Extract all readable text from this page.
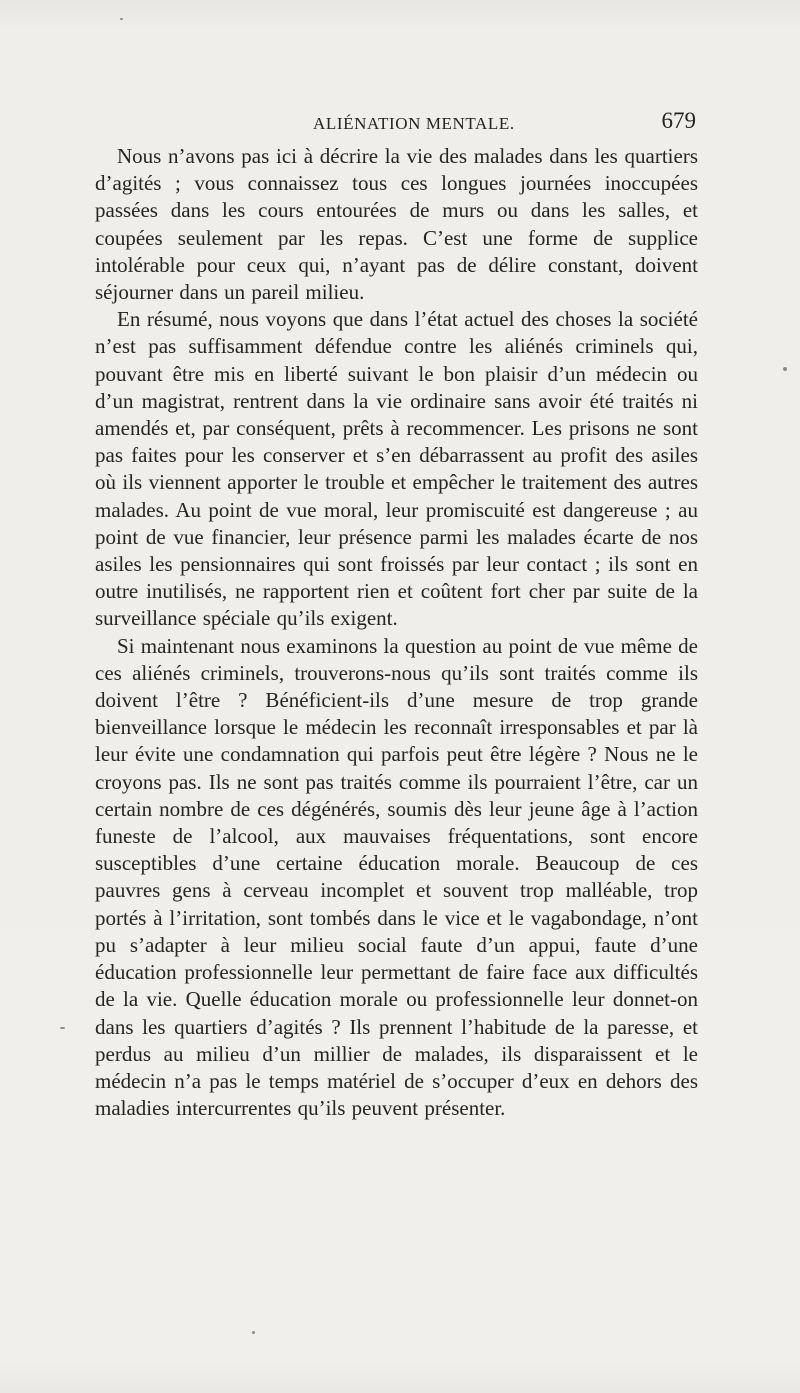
ALIÉNATION MENTALE.	679

Nous n’avons pas ici à décrire la vie des malades dans les quartiers d’agités ; vous connaissez tous ces longues journées inoccupées passées dans les cours entourées de murs ou dans les salles, et coupées seulement par les repas. C’est une forme de supplice intolérable pour ceux qui, n’ayant pas de délire constant, doivent séjourner dans un pareil milieu.

En résumé, nous voyons que dans l’état actuel des choses la société n’est pas suffisamment défendue contre les aliénés criminels qui, pouvant être mis en liberté suivant le bon plaisir d’un médecin ou d’un magistrat, rentrent dans la vie ordinaire sans avoir été traités ni amendés et, par conséquent, prêts à recommencer. Les prisons ne sont pas faites pour les conserver et s’en débarrassent au profit des asiles où ils viennent apporter le trouble et empêcher le traitement des autres malades. Au point de vue moral, leur promiscuité est dangereuse ; au point de vue financier, leur présence parmi les malades écarte de nos asiles les pensionnaires qui sont froissés par leur contact ; ils sont en outre inutilisés, ne rapportent rien et coûtent fort cher par suite de la surveillance spéciale qu’ils exigent.

Si maintenant nous examinons la question au point de vue même de ces aliénés criminels, trouverons-nous qu’ils sont traités comme ils doivent l’être ? Bénéficient-ils d’une mesure de trop grande bienveillance lorsque le médecin les reconnaît irresponsables et par là leur évite une condamnation qui parfois peut être légère ? Nous ne le croyons pas. Ils ne sont pas traités comme ils pourraient l’être, car un certain nombre de ces dégénérés, soumis dès leur jeune âge à l’action funeste de l’alcool, aux mauvaises fréquentations, sont encore susceptibles d’une certaine éducation morale. Beaucoup de ces pauvres gens à cerveau incomplet et souvent trop malléable, trop portés à l’irritation, sont tombés dans le vice et le vagabondage, n’ont pu s’adapter à leur milieu social faute d’un appui, faute d’une éducation professionnelle leur permettant de faire face aux difficultés de la vie. Quelle éducation morale ou professionnelle leur donnet-on dans les quartiers d’agités ? Ils prennent l’habitude de la paresse, et perdus au milieu d’un millier de malades, ils disparaissent et le médecin n’a pas le temps matériel de s’occuper d’eux en dehors des maladies intercurrentes qu’ils peuvent présenter.
